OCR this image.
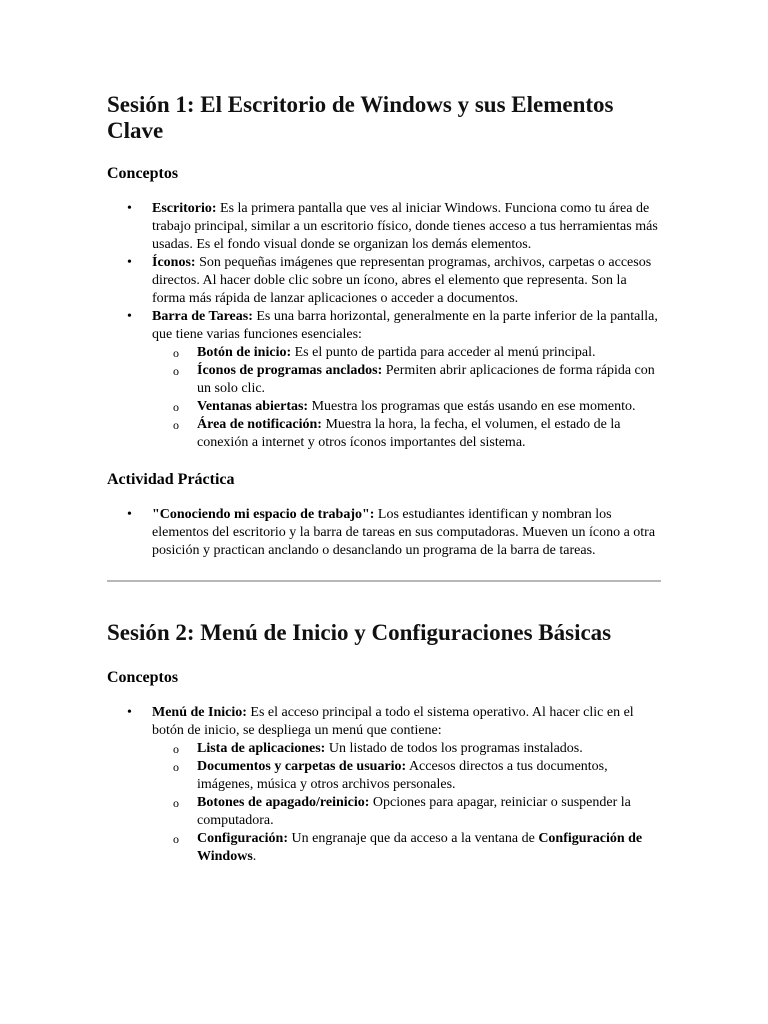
Sesión 1: El Escritorio de Windows y sus Elementos Clave
Conceptos
• Escritorio: Es la primera pantalla que ves al iniciar Windows. Funciona como tu área de trabajo principal, similar a un escritorio físico, donde tienes acceso a tus herramientas más usadas. Es el fondo visual donde se organizan los demás elementos.
• Íconos: Son pequeñas imágenes que representan programas, archivos, carpetas o accesos directos. Al hacer doble clic sobre un ícono, abres el elemento que representa. Son la forma más rápida de lanzar aplicaciones o acceder a documentos.
• Barra de Tareas: Es una barra horizontal, generalmente en la parte inferior de la pantalla, que tiene varias funciones esenciales:
o Botón de inicio: Es el punto de partida para acceder al menú principal.
o Íconos de programas anclados: Permiten abrir aplicaciones de forma rápida con un solo clic.
o Ventanas abiertas: Muestra los programas que estás usando en ese momento.
o Área de notificación: Muestra la hora, la fecha, el volumen, el estado de la conexión a internet y otros íconos importantes del sistema.
Actividad Práctica
• "Conociendo mi espacio de trabajo": Los estudiantes identifican y nombran los elementos del escritorio y la barra de tareas en sus computadoras. Mueven un ícono a otra posición y practican anclando o desanclando un programa de la barra de tareas.
Sesión 2: Menú de Inicio y Configuraciones Básicas
Conceptos
• Menú de Inicio: Es el acceso principal a todo el sistema operativo. Al hacer clic en el botón de inicio, se despliega un menú que contiene:
o Lista de aplicaciones: Un listado de todos los programas instalados.
o Documentos y carpetas de usuario: Accesos directos a tus documentos, imágenes, música y otros archivos personales.
o Botones de apagado/reinicio: Opciones para apagar, reiniciar o suspender la computadora.
o Configuración: Un engranaje que da acceso a la ventana de Configuración de Windows.
